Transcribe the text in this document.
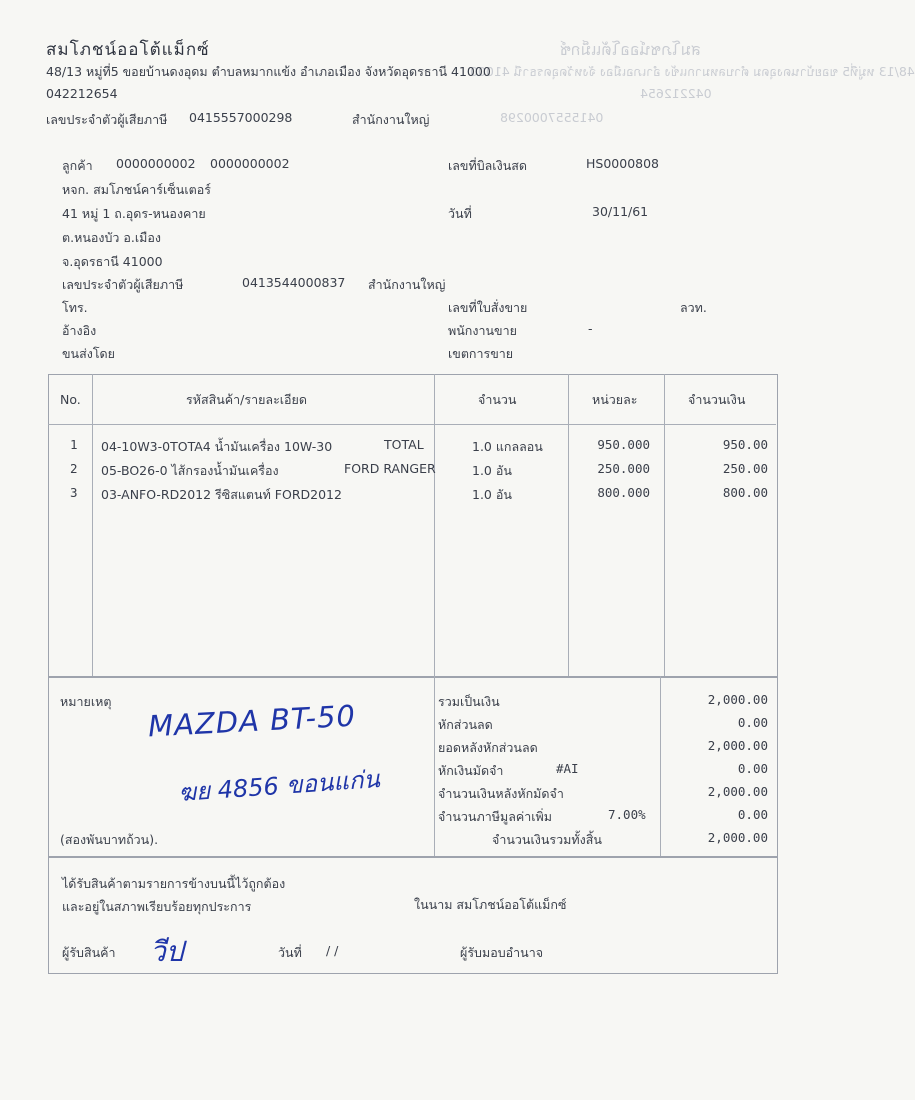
สมโภชน์ออโต้แม็กซ์
48/13 หมู่ที่5 ขอยบ้านดงอุดม ตำบลหมากแข้ง อำเภอเมือง จังหวัดอุดรธานี 41000
042212654
0415557000298
สมโภชน์ออโต้แม็กซ์
48/13 หมู่ที่5 ขอยบ้านดงอุดม ตำบลหมากแข้ง อำเภอเมือง จังหวัดอุดรธานี 41000
042212654
เลขประจำตัวผู้เสียภาษี 0415557000298	สำนักงานใหญ่
ลูกค้า 0000000002 0000000002
หจก. สมโภชน์คาร์เซ็นเตอร์
41 หมู่ 1 ถ.อุดร-หนองคาย
ต.หนองบัว อ.เมือง
จ.อุดรธานี 41000
เลขประจำตัวผู้เสียภาษี	0413544000837 สำนักงานใหญ่
โทร.
อ้างอิง
ขนส่งโดย
เลขที่บิลเงินสด	HS0000808
วันที่	30/11/61
เลขที่ใบสั่งขาย	ลวท.
พนักงานขาย	-
เขตการขาย
No.	รหัสสินค้า/รายละเอียด	จำนวน	หน่วยละ	จำนวนเงิน
1 04-10W3-0TOTA4 น้ำมันเครื่อง 10W-30	TOTAL	1.0 แกลลอน	950.000	950.00
2 05-BO26-0 ไส้กรองน้ำมันเครื่อง	FORD RANGER	1.0 อัน	250.000	250.00
3 03-ANFO-RD2012 รีซิสแตนท์ FORD2012	1.0 อัน	800.000	800.00
หมายเหตุ
(สองพันบาทถ้วน).
รวมเป็นเงิน	2,000.00
หักส่วนลด	0.00
ยอดหลังหักส่วนลด	2,000.00
หักเงินมัดจำ	#AI	0.00
จำนวนเงินหลังหักมัดจำ	2,000.00
จำนวนภาษีมูลค่าเพิ่ม	7.00%	0.00
จำนวนเงินรวมทั้งสิ้น	2,000.00
MAZDA BT-50
ฆย 4856 ขอนแก่น
ได้รับสินค้าตามรายการข้างบนนี้ไว้ถูกต้อง
และอยู่ในสภาพเรียบร้อยทุกประการ	ในนาม สมโภชน์ออโต้แม็กซ์
ผู้รับสินค้า วีป	วันที่ / /	ผู้รับมอบอำนาจ
